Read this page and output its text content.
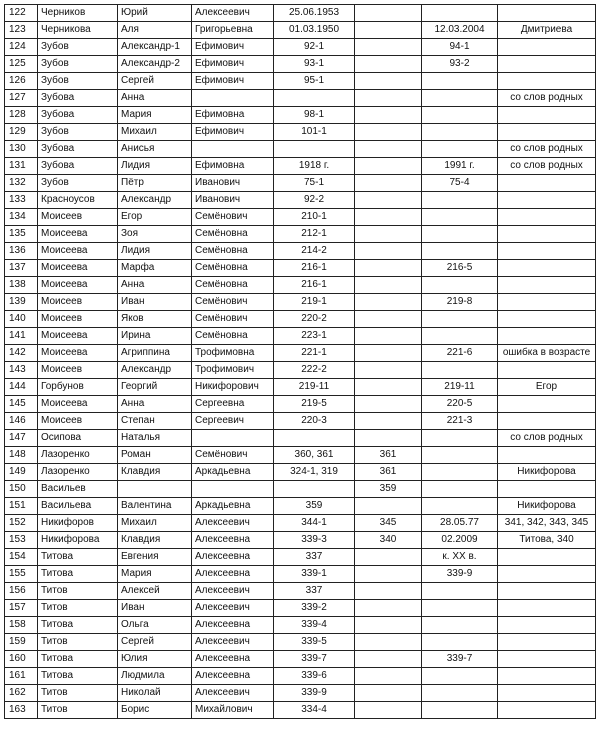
122	Черников	Юрий	Алексеевич	25.06.1953			
123	Черникова	Аля	Григорьевна	01.03.1950		12.03.2004	Дмитриева
124	Зубов	Александр-1	Ефимович	92-1		94-1	
125	Зубов	Александр-2	Ефимович	93-1		93-2	
126	Зубов	Сергей	Ефимович	95-1			
127	Зубова	Анна					со слов родных
128	Зубова	Мария	Ефимовна	98-1			
129	Зубов	Михаил	Ефимович	101-1			
130	Зубова	Анисья					со слов родных
131	Зубова	Лидия	Ефимовна	1918 г.		1991 г.	со слов родных
132	Зубов	Пётр	Иванович	75-1		75-4	
133	Красноусов	Александр	Иванович	92-2			
134	Моисеев	Егор	Семёнович	210-1			
135	Моисеева	Зоя	Семёновна	212-1			
136	Моисеева	Лидия	Семёновна	214-2			
137	Моисеева	Марфа	Семёновна	216-1		216-5	
138	Моисеева	Анна	Семёновна	216-1			
139	Моисеев	Иван	Семёнович	219-1		219-8	
140	Моисеев	Яков	Семёнович	220-2			
141	Моисеева	Ирина	Семёновна	223-1			
142	Моисеева	Агриппина	Трофимовна	221-1		221-6	ошибка в возрасте
143	Моисеев	Александр	Трофимович	222-2			
144	Горбунов	Георгий	Никифорович	219-11		219-11	Егор
145	Моисеева	Анна	Сергеевна	219-5		220-5	
146	Моисеев	Степан	Сергеевич	220-3		221-3	
147	Осипова	Наталья					со слов родных
148	Лазоренко	Роман	Семёнович	360, 361	361		
149	Лазоренко	Клавдия	Аркадьевна	324-1, 319	361		Никифорова
150	Васильев				359		
151	Васильева	Валентина	Аркадьевна	359			Никифорова
152	Никифоров	Михаил	Алексеевич	344-1	345	28.05.77	341, 342, 343, 345
153	Никифорова	Клавдия	Алексеевна	339-3	340	02.2009	Титова, 340
154	Титова	Евгения	Алексеевна	337		к. XX в.	
155	Титова	Мария	Алексеевна	339-1		339-9	
156	Титов	Алексей	Алексеевич	337			
157	Титов	Иван	Алексеевич	339-2			
158	Титова	Ольга	Алексеевна	339-4			
159	Титов	Сергей	Алексеевич	339-5			
160	Титова	Юлия	Алексеевна	339-7		339-7	
161	Титова	Людмила	Алексеевна	339-6			
162	Титов	Николай	Алексеевич	339-9			
163	Титов	Борис	Михайлович	334-4			
